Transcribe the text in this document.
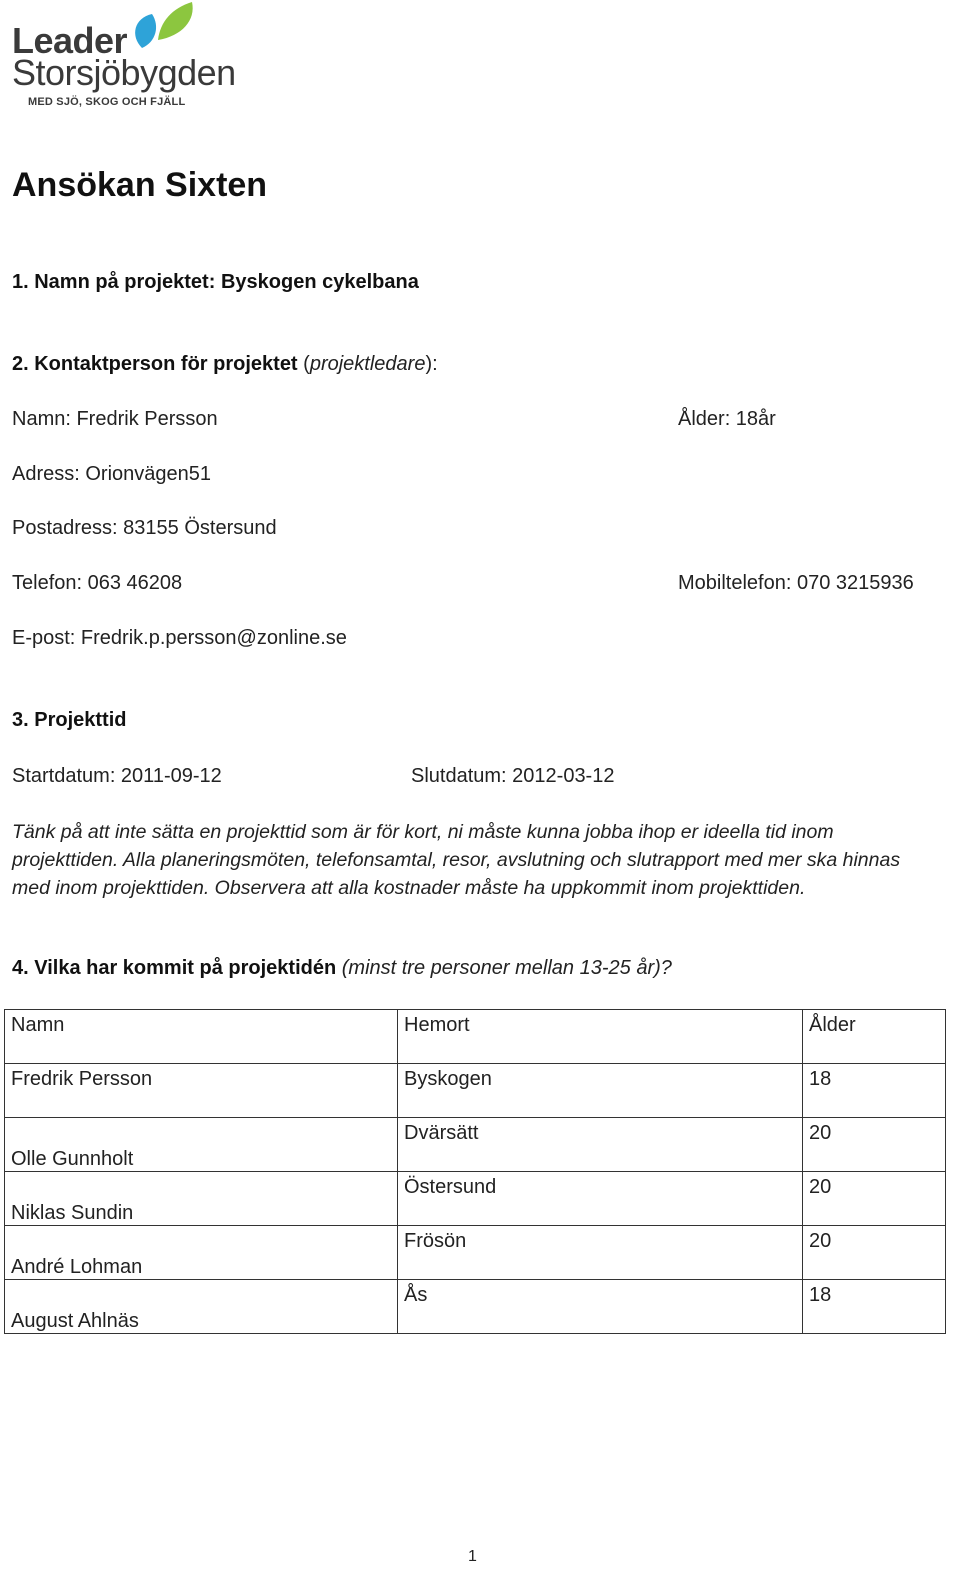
Leader
Storsjöbygden
MED SJÖ, SKOG OCH FJÄLL
Ansökan Sixten
1. Namn på projektet: Byskogen cykelbana
2. Kontaktperson för projektet (projektledare):
Namn: Fredrik Persson	Ålder: 18år
Adress: Orionvägen51
Postadress: 83155 Östersund
Telefon: 063 46208	Mobiltelefon: 070 3215936
E-post: Fredrik.p.persson@zonline.se
3. Projekttid
Startdatum: 2011-09-12	Slutdatum: 2012-03-12
Tänk på att inte sätta en projekttid som är för kort, ni måste kunna jobba ihop er ideella tid inom projekttiden. Alla planeringsmöten, telefonsamtal, resor, avslutning och slutrapport med mer ska hinnas med inom projekttiden. Observera att alla kostnader måste ha uppkommit inom projekttiden.
4. Vilka har kommit på projektidén (minst tre personer mellan 13-25 år)?
Namn	Hemort	Ålder

Fredrik Persson	Byskogen	18

Olle Gunnholt	Dvärsätt	20

Niklas Sundin	Östersund	20

André Lohman	Frösön	20

August Ahlnäs	Ås	18
1
